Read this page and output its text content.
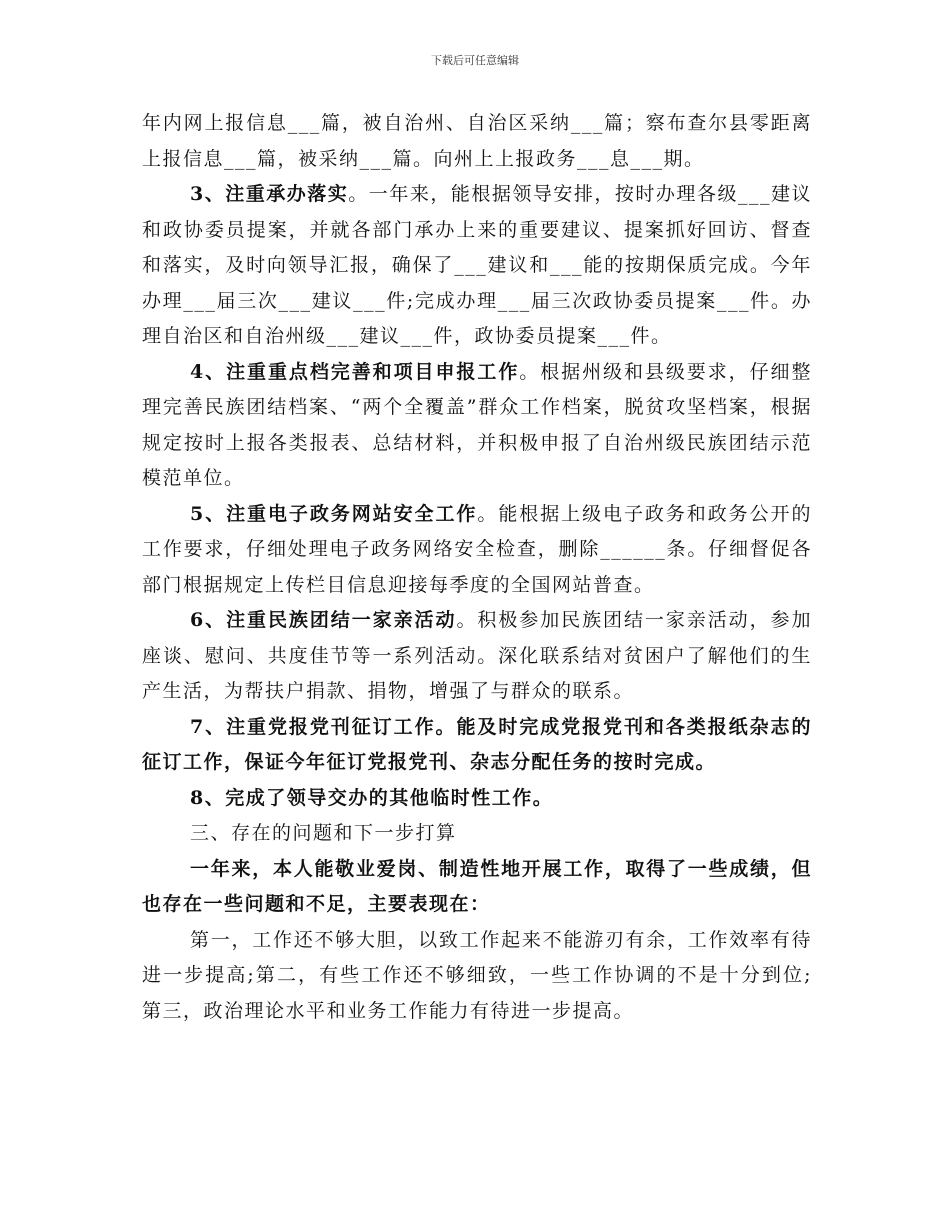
下载后可任意编辑

年内网上报信息___篇，被自治州、自治区采纳___篇；察布查尔县零距离上报信息___篇，被采纳___篇。向州上上报政务___息___期。

3、注重承办落实。一年来，能根据领导安排，按时办理各级___建议和政协委员提案，并就各部门承办上来的重要建议、提案抓好回访、督查和落实，及时向领导汇报，确保了___建议和___能的按期保质完成。今年办理___届三次___建议___件;完成办理___届三次政协委员提案___件。办理自治区和自治州级___建议___件，政协委员提案___件。

4、注重重点档完善和项目申报工作。根据州级和县级要求，仔细整理完善民族团结档案、“两个全覆盖”群众工作档案，脱贫攻坚档案，根据规定按时上报各类报表、总结材料，并积极申报了自治州级民族团结示范模范单位。

5、注重电子政务网站安全工作。能根据上级电子政务和政务公开的工作要求，仔细处理电子政务网络安全检查，删除______条。仔细督促各部门根据规定上传栏目信息迎接每季度的全国网站普查。

6、注重民族团结一家亲活动。积极参加民族团结一家亲活动，参加座谈、慰问、共度佳节等一系列活动。深化联系结对贫困户了解他们的生产生活，为帮扶户捐款、捐物，增强了与群众的联系。

7、注重党报党刊征订工作。能及时完成党报党刊和各类报纸杂志的征订工作，保证今年征订党报党刊、杂志分配任务的按时完成。

8、完成了领导交办的其他临时性工作。

三、存在的问题和下一步打算

一年来，本人能敬业爱岗、制造性地开展工作，取得了一些成绩，但也存在一些问题和不足，主要表现在：

第一，工作还不够大胆，以致工作起来不能游刃有余，工作效率有待进一步提高;第二，有些工作还不够细致，一些工作协调的不是十分到位;第三，政治理论水平和业务工作能力有待进一步提高。
